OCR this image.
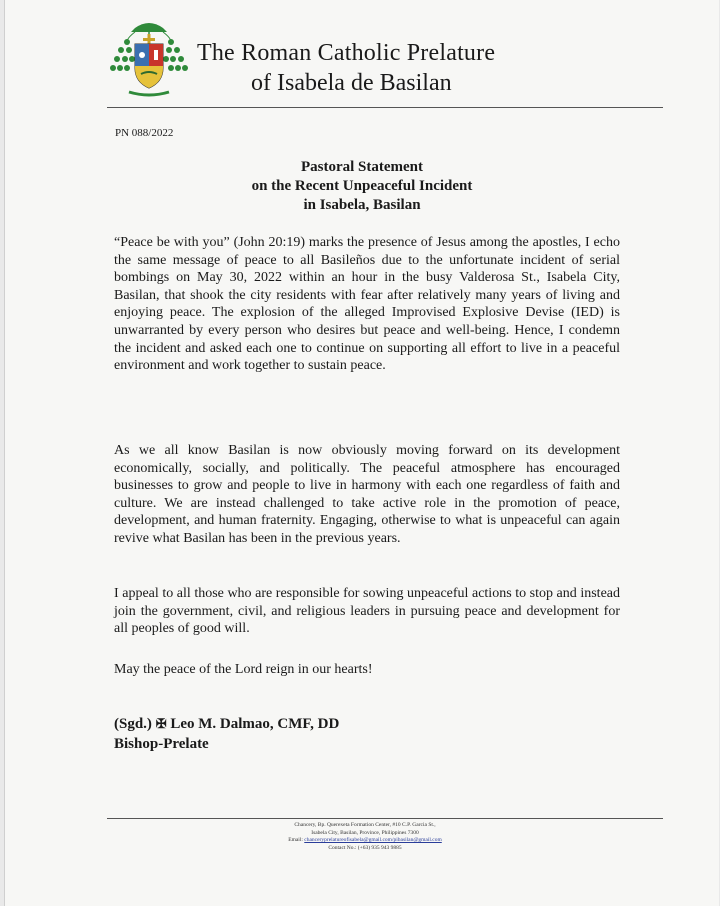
The Roman Catholic Prelature
of Isabela de Basilan
PN 088/2022
Pastoral Statement
on the Recent Unpeaceful Incident
in Isabela, Basilan
“Peace be with you” (John 20:19) marks the presence of Jesus among the apostles, I echo the same message of peace to all Basileños due to the unfortunate incident of serial bombings on May 30, 2022 within an hour in the busy Valderosa St., Isabela City, Basilan, that shook the city residents with fear after relatively many years of living and enjoying peace. The explosion of the alleged Improvised Explosive Devise (IED) is unwarranted by every person who desires but peace and well-being. Hence, I condemn the incident and asked each one to continue on supporting all effort to live in a peaceful environment and work together to sustain peace.
As we all know Basilan is now obviously moving forward on its development economically, socially, and politically. The peaceful atmosphere has encouraged businesses to grow and people to live in harmony with each one regardless of faith and culture. We are instead challenged to take active role in the promotion of peace, development, and human fraternity. Engaging, otherwise to what is unpeaceful can again revive what Basilan has been in the previous years.
I appeal to all those who are responsible for sowing unpeaceful actions to stop and instead join the government, civil, and religious leaders in pursuing peace and development for all peoples of good will.
May the peace of the Lord reign in our hearts!
(Sgd.) ✠ Leo M. Dalmao, CMF, DD
Bishop-Prelate
Chancery, Bp. Querexeta Formation Center, #10 C.P. Garcia St.,
Isabela City, Basilan, Province, Philippines 7300
Email: chanceryprelatureofisabela@gmail.com/pibasilan@gmail.com
Contact No.: (+63) 935 943 9885
